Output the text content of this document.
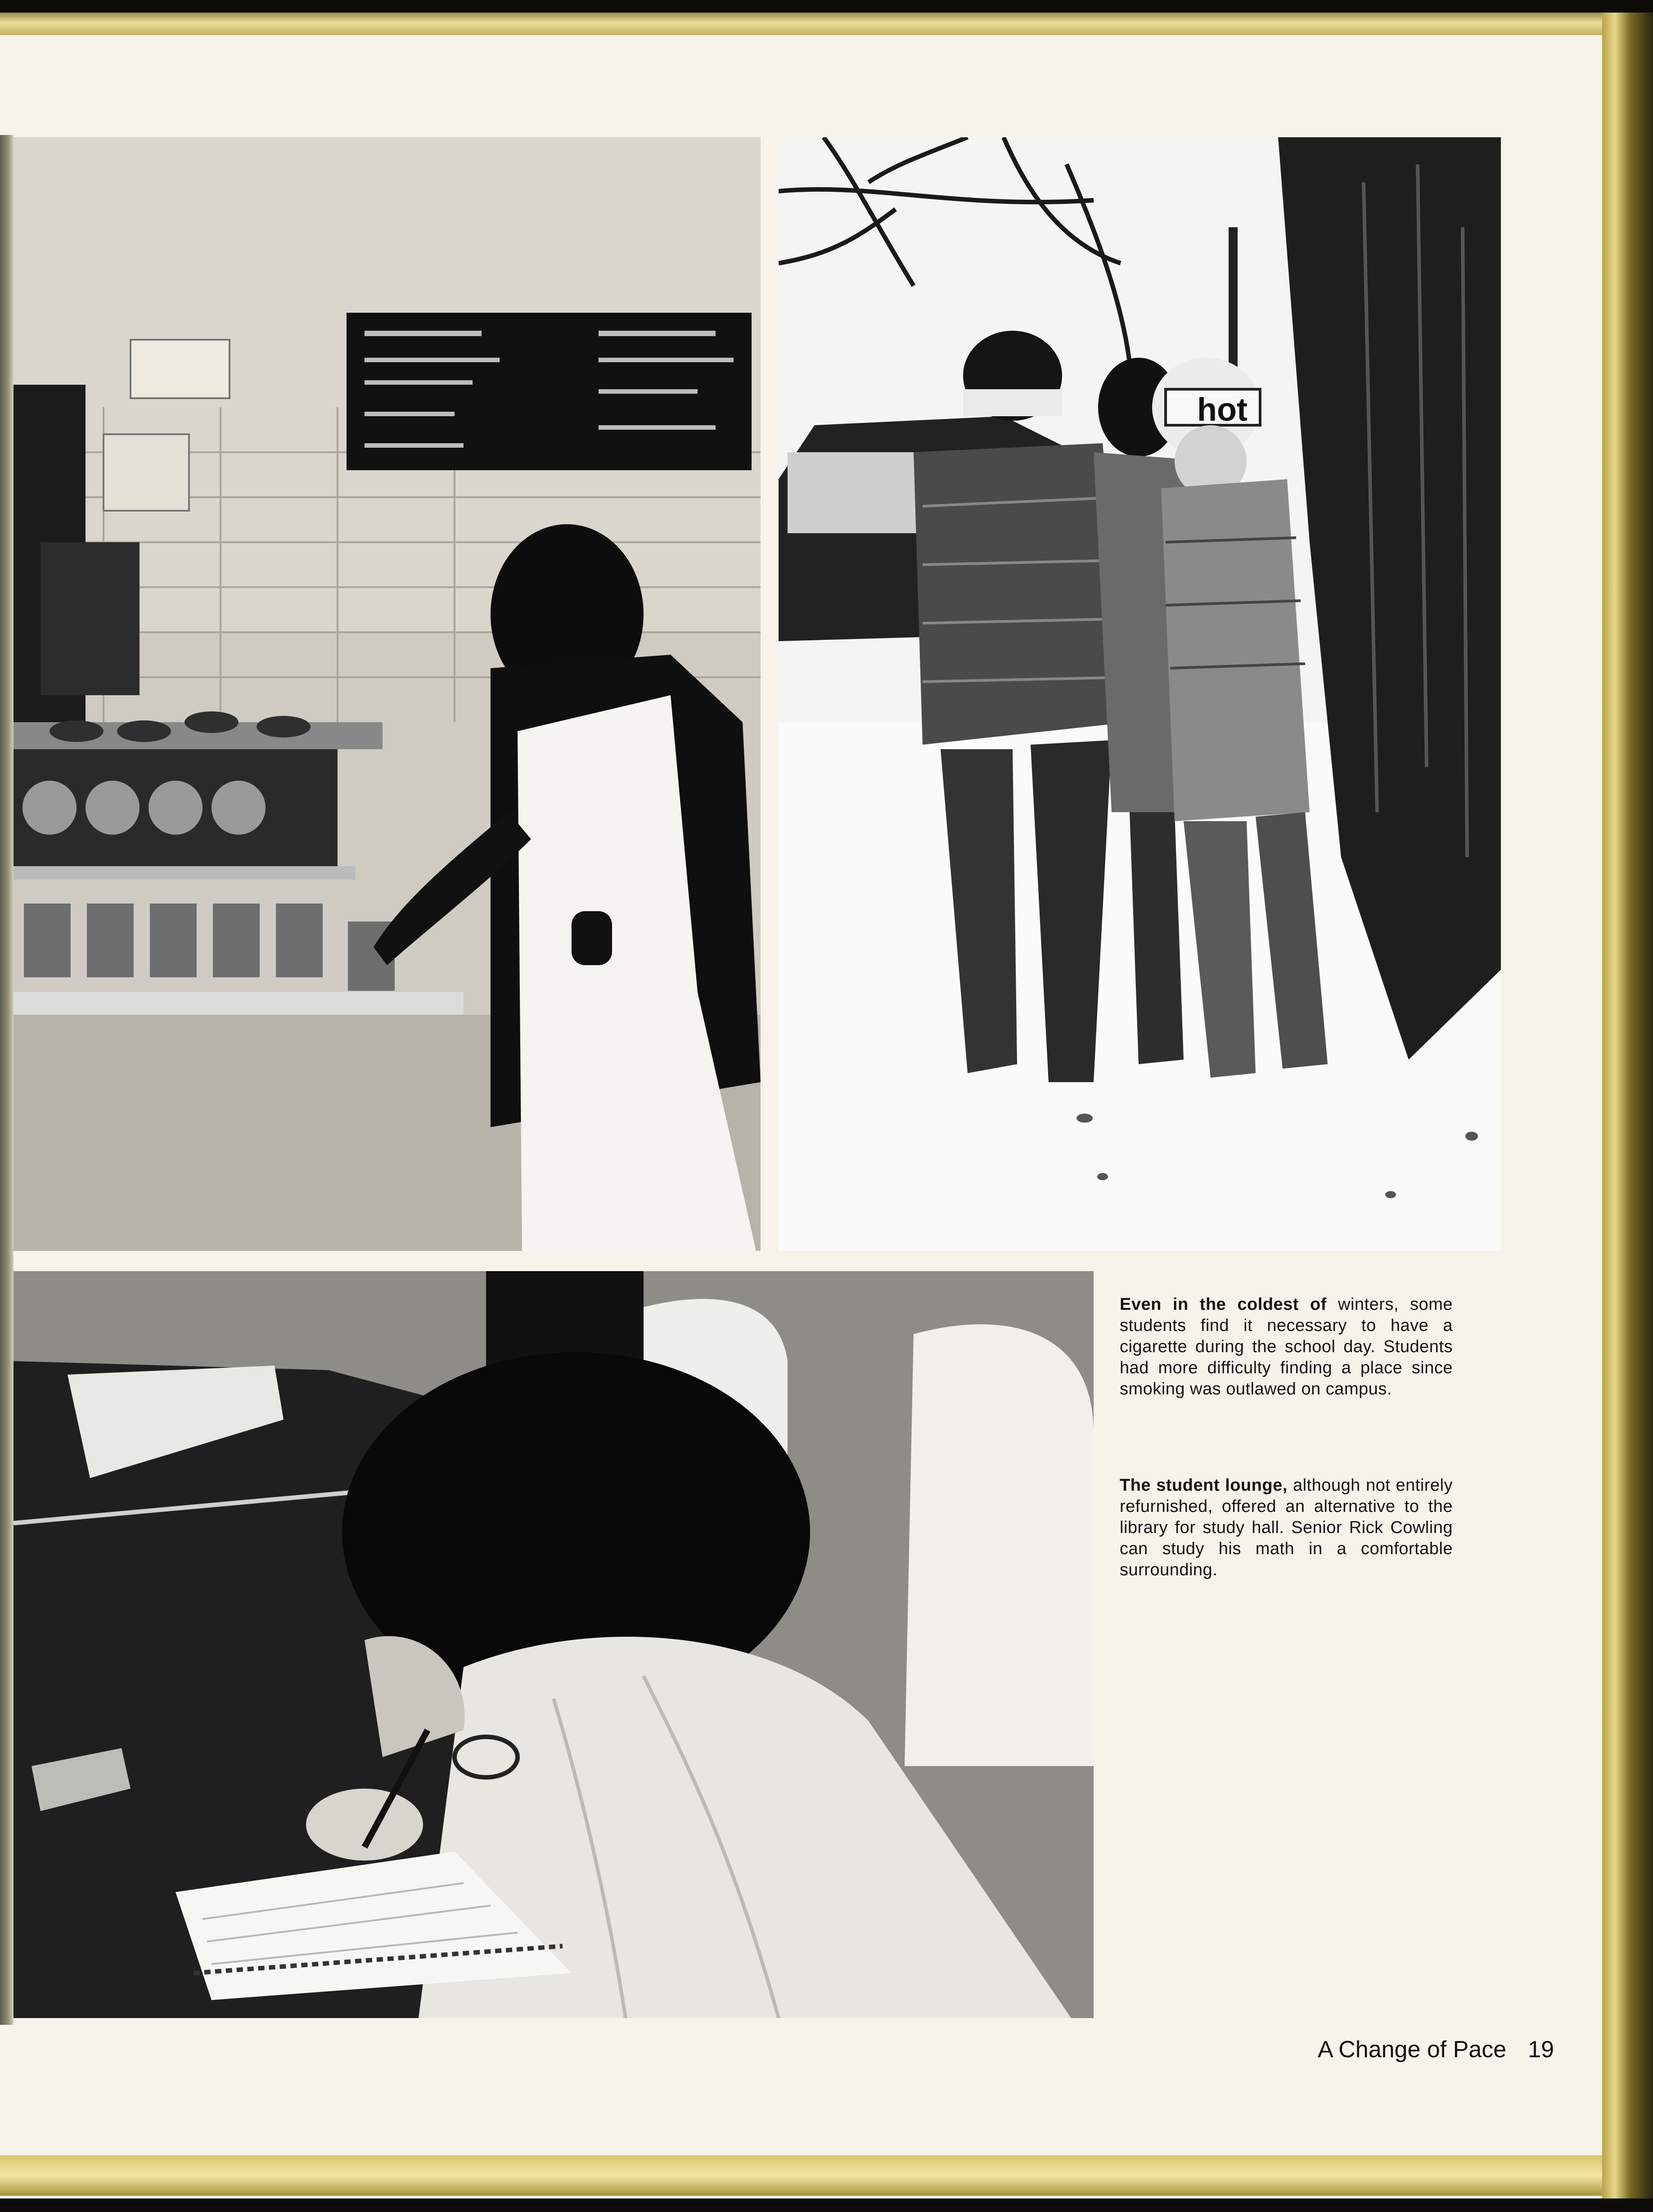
hot

Even in the coldest of winters, some students find it necessary to have a cigarette during the school day. Students had more difficulty finding a place since smoking was outlawed on campus.

The student lounge, although not entirely refurnished, offered an alternative to the library for study hall. Senior Rick Cowling can study his math in a comfortable surrounding.

A Change of Pace 19
